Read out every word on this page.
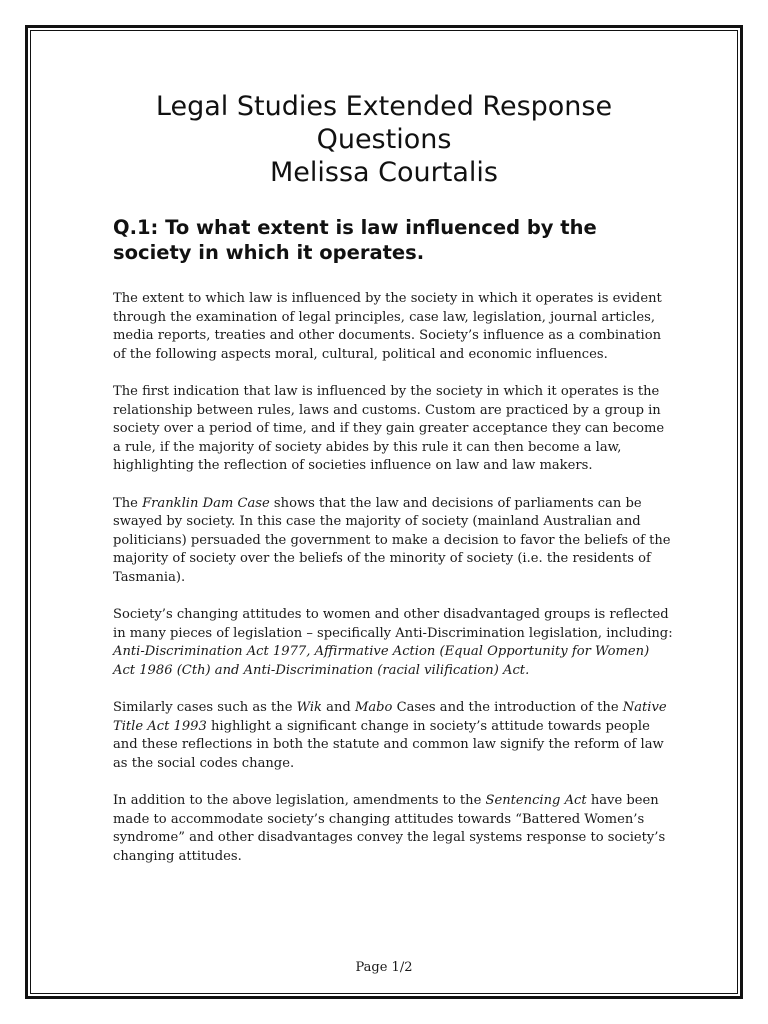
Legal Studies Extended Response
Questions
Melissa Courtalis
Q.1: To what extent is law influenced by the society in which it operates.

The extent to which law is influenced by the society in which it operates is evident through the examination of legal principles, case law, legislation, journal articles, media reports, treaties and other documents. Society’s influence as a combination of the following aspects moral, cultural, political and economic influences.

The first indication that law is influenced by the society in which it operates is the relationship between rules, laws and customs. Custom are practiced by a group in society over a period of time, and if they gain greater acceptance they can become a rule, if the majority of society abides by this rule it can then become a law, highlighting the reflection of societies influence on law and law makers.

The Franklin Dam Case shows that the law and decisions of parliaments can be swayed by society. In this case the majority of society (mainland Australian and politicians) persuaded the government to make a decision to favor the beliefs of the majority of society over the beliefs of the minority of society (i.e. the residents of Tasmania).

Society’s changing attitudes to women and other disadvantaged groups is reflected in many pieces of legislation – specifically Anti-Discrimination legislation, including: Anti-Discrimination Act 1977, Affirmative Action (Equal Opportunity for Women) Act 1986 (Cth) and Anti-Discrimination (racial vilification) Act.

Similarly cases such as the Wik and Mabo Cases and the introduction of the Native Title Act 1993 highlight a significant change in society’s attitude towards people and these reflections in both the statute and common law signify the reform of law as the social codes change.

In addition to the above legislation, amendments to the Sentencing Act have been made to accommodate society’s changing attitudes towards “Battered Women’s syndrome” and other disadvantages convey the legal systems response to society’s changing attitudes.

Page 1/2
